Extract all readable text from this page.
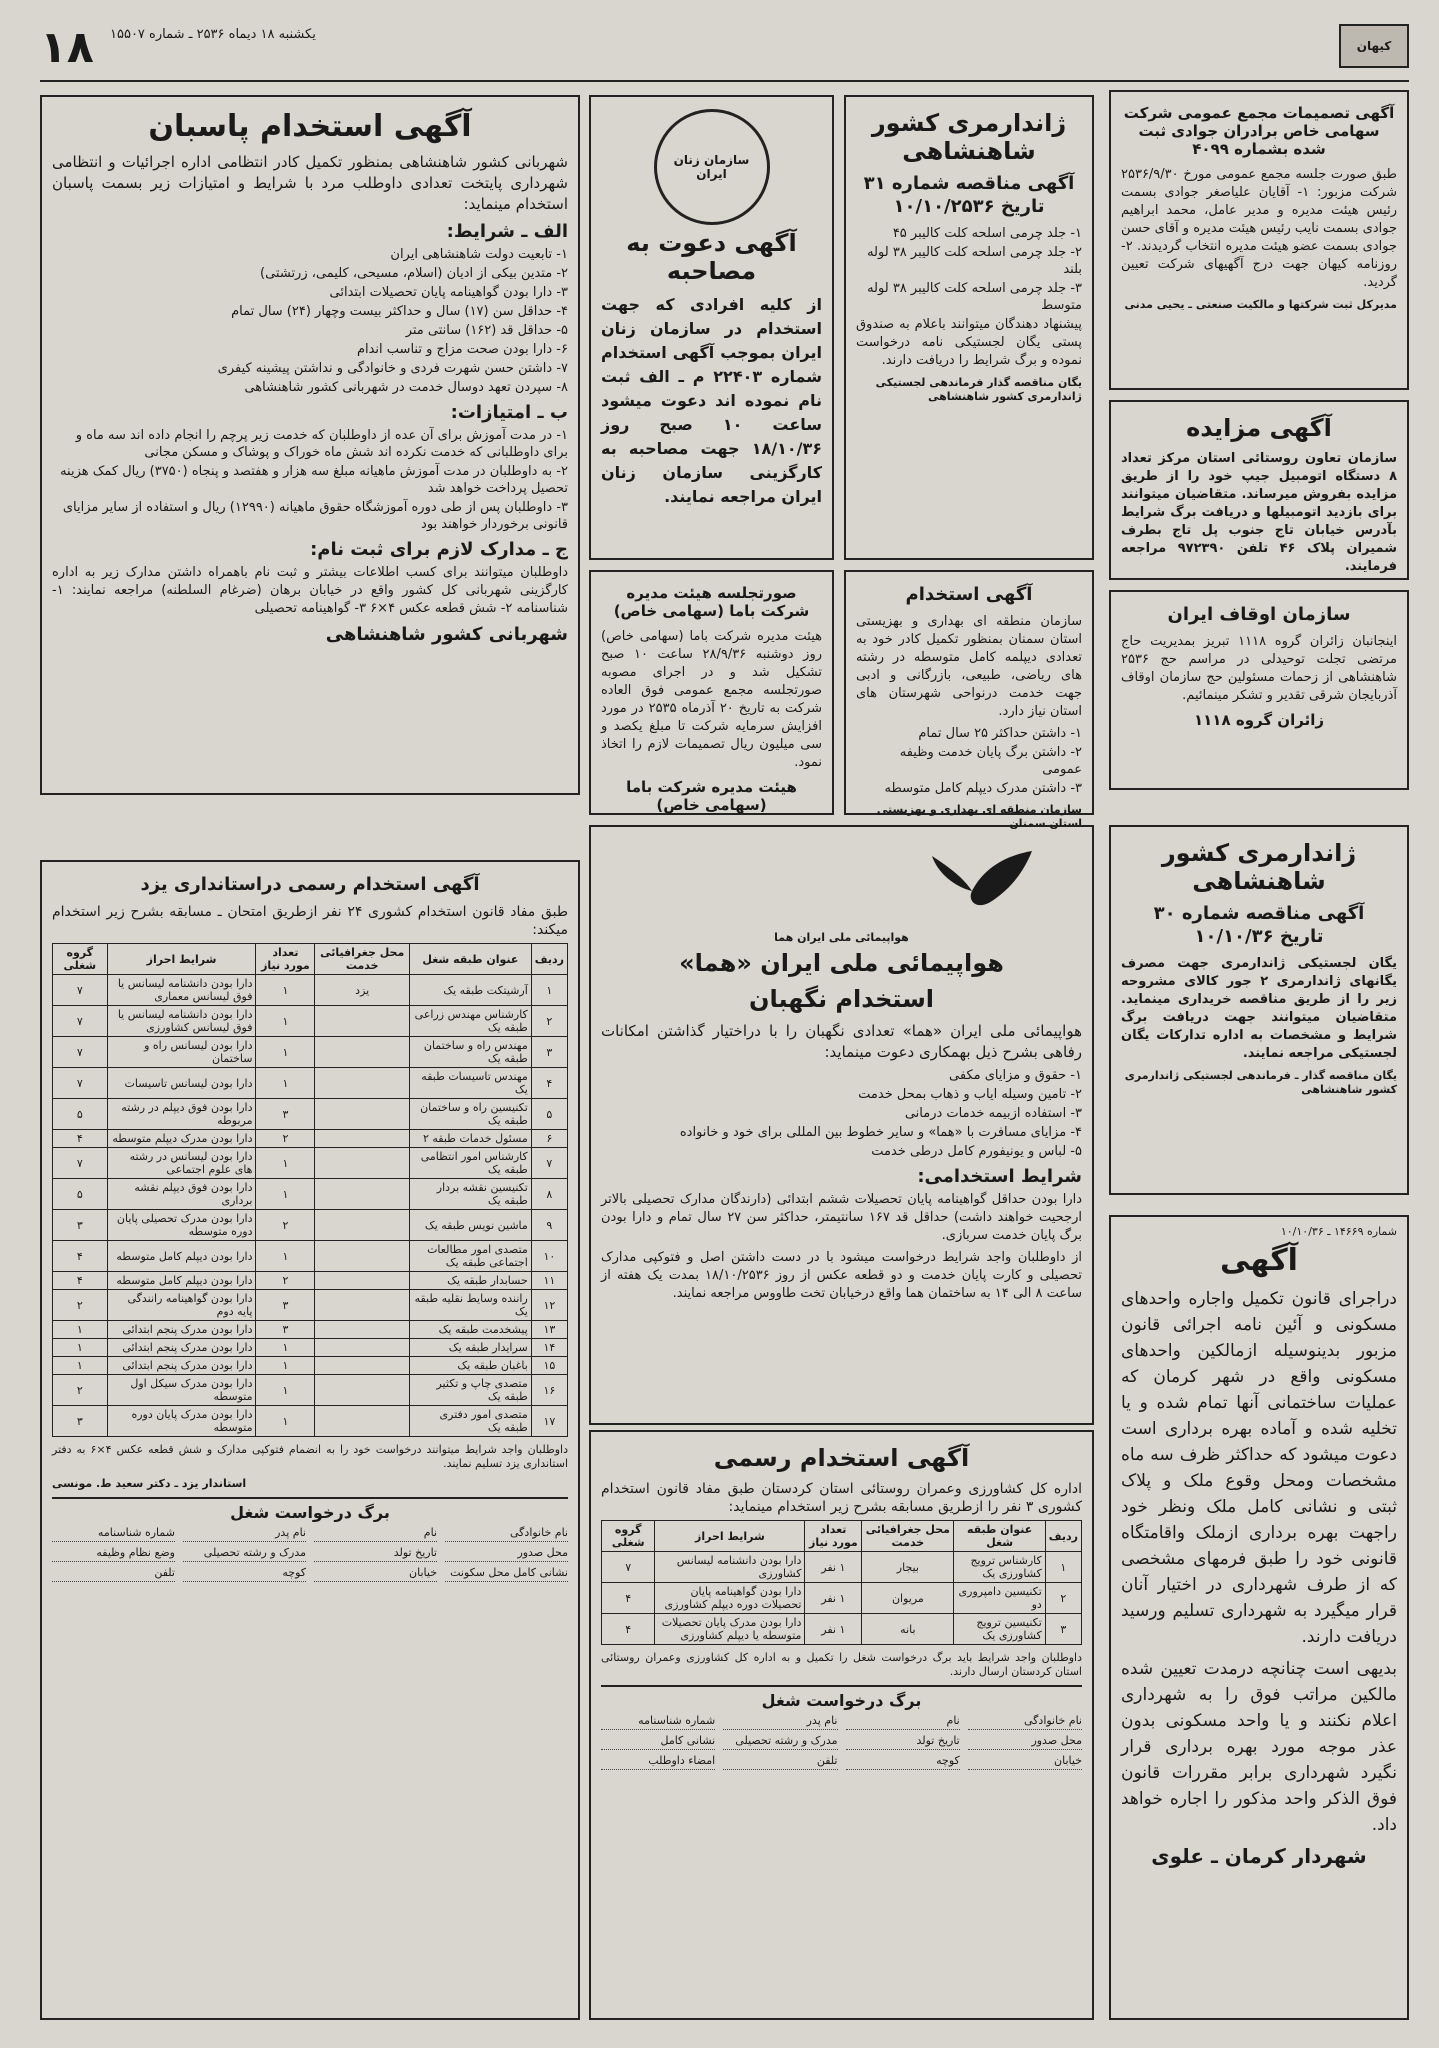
کیهان
۱۸ یکشنبه ۱۸ دیماه ۲۵۳۶ ـ شماره ۱۵۵۰۷
آگهی تصمیمات مجمع عمومی شرکت سهامی خاص برادران جوادی ثبت شده بشماره ۴۰۹۹

طبق صورت جلسه مجمع عمومی مورخ ۲۵۳۶/۹/۳۰ شرکت مزبور: ۱- آقایان علیاصغر جوادی بسمت رئیس هیئت مدیره و مدیر عامل، محمد ابراهیم جوادی بسمت نایب رئیس هیئت مدیره و آقای حسن جوادی بسمت عضو هیئت مدیره انتخاب گردیدند. ۲- روزنامه کیهان جهت درج آگهیهای شرکت تعیین گردید.

مدیرکل ثبت شرکتها و مالکیت صنعتی ـ یحیی مدنی
آگهی مزایده

سازمان تعاون روستائی استان مرکز تعداد ۸ دستگاه اتومبیل جیپ خود را از طریق مزایده بفروش میرساند. متقاضیان میتوانند برای بازدید اتومبیلها و دریافت برگ شرایط بآدرس خیابان تاج جنوب پل تاج بطرف شمیران پلاک ۴۶ تلفن ۹۷۲۳۹۰ مراجعه فرمایند.

سازمان اوقاف ایران

اینجانبان زائران گروه ۱۱۱۸ تبریز بمدیریت حاج مرتضی تجلت توحیدلی در مراسم حج ۲۵۳۶ شاهنشاهی از زحمات مسئولین حج سازمان اوقاف آذربایجان شرقی تقدیر و تشکر مینمائیم.

زائران گروه ۱۱۱۸
ژاندارمری کشور شاهنشاهی
آگهی مناقصه شماره ۳۰
تاریخ ۱۰/۱۰/۳۶

یگان لجستیکی ژاندارمری جهت مصرف یگانهای ژاندارمری ۲ جور کالای مشروحه زیر را از طریق مناقصه خریداری مینماید. متقاضیان میتوانند جهت دریافت برگ شرایط و مشخصات به اداره تدارکات یگان لجستیکی مراجعه نمایند.

یگان مناقصه گذار ـ فرماندهی لجستیکی ژاندارمری کشور شاهنشاهی
شماره ۱۴۶۶۹ ـ ۱۰/۱۰/۳۶
آگهی

دراجرای قانون تکمیل واجاره واحدهای مسکونی و آئین نامه اجرائی قانون مزبور بدینوسیله ازمالکین واحدهای مسکونی واقع در شهر کرمان که عملیات ساختمانی آنها تمام شده و یا تخلیه شده و آماده بهره برداری است دعوت میشود که حداکثر ظرف سه ماه مشخصات ومحل وقوع ملک و پلاک ثبتی و نشانی کامل ملک ونظر خود راجهت بهره برداری ازملک واقامتگاه قانونی خود را طبق فرمهای مشخصی که از طرف شهرداری در اختیار آنان قرار میگیرد به شهرداری تسلیم ورسید دریافت دارند.

بدیهی است چنانچه درمدت تعیین شده مالکین مراتب فوق را به شهرداری اعلام نکنند و یا واحد مسکونی بدون عذر موجه مورد بهره برداری قرار نگیرد شهرداری برابر مقررات قانون فوق الذکر واحد مذکور را اجاره خواهد داد.

شهردار کرمان ـ علوی
ژاندارمری کشور شاهنشاهی
آگهی مناقصه شماره ۳۱
تاریخ ۱۰/۱۰/۲۵۳۶
۱- جلد چرمی اسلحه کلت کالیبر ۴۵
۲- جلد چرمی اسلحه کلت کالیبر ۳۸ لوله بلند
۳- جلد چرمی اسلحه کلت کالیبر ۳۸ لوله متوسط

پیشنهاد دهندگان میتوانند باعلام به صندوق پستی یگان لجستیکی نامه درخواست نموده و برگ شرایط را دریافت دارند.

یگان مناقصه گذار فرماندهی لجستیکی ژاندارمری کشور شاهنشاهی
آگهی استخدام

سازمان منطقه ای بهداری و بهزیستی استان سمنان بمنظور تکمیل کادر خود به تعدادی دیپلمه کامل متوسطه در رشته های ریاضی، طبیعی، بازرگانی و ادبی جهت خدمت درنواحی شهرستان های استان نیاز دارد.

۱- داشتن حداکثر ۲۵ سال تمام
۲- داشتن برگ پایان خدمت وظیفه عمومی
۳- داشتن مدرک دیپلم کامل متوسطه
سازمان منطقه ای بهداری و بهزیستی استان سمنان
سازمان زنان ایران
آگهی دعوت به مصاحبه

از کلیه افرادی که جهت استخدام در سازمان زنان ایران بموجب آگهی استخدام شماره ۲۲۴۰۳ م ـ الف ثبت نام نموده اند دعوت میشود ساعت ۱۰ صبح روز ۱۸/۱۰/۳۶ جهت مصاحبه به کارگزینی سازمان زنان ایران مراجعه نمایند.

صورتجلسه هیئت مدیره شرکت باما (سهامی خاص)

هیئت مدیره شرکت باما (سهامی خاص) روز دوشنبه ۲۸/۹/۳۶ ساعت ۱۰ صبح تشکیل شد و در اجرای مصوبه صورتجلسه مجمع عمومی فوق العاده شرکت به تاریخ ۲۰ آذرماه ۲۵۳۵ در مورد افزایش سرمایه شرکت تا مبلغ یکصد و سی میلیون ریال تصمیمات لازم را اتخاذ نمود.

هیئت مدیره شرکت باما (سهامی خاص)
آگهی استخدام پاسبان

شهربانی کشور شاهنشاهی بمنظور تکمیل کادر انتظامی اداره اجرائیات و انتظامی شهرداری پایتخت تعدادی داوطلب مرد با شرایط و امتیازات زیر بسمت پاسبان استخدام مینماید:

الف ـ شرایط:
۱- تابعیت دولت شاهنشاهی ایران
۲- متدین بیکی از ادیان (اسلام، مسیحی، کلیمی، زرتشتی)
۳- دارا بودن گواهینامه پایان تحصیلات ابتدائی
۴- حداقل سن (۱۷) سال و حداکثر بیست وچهار (۲۴) سال تمام
۵- حداقل قد (۱۶۲) سانتی متر
۶- دارا بودن صحت مزاج و تناسب اندام
۷- داشتن حسن شهرت فردی و خانوادگی و نداشتن پیشینه کیفری
۸- سپردن تعهد دوسال خدمت در شهربانی کشور شاهنشاهی
ب ـ امتیازات:
۱- در مدت آموزش برای آن عده از داوطلبان که خدمت زیر پرچم را انجام داده اند سه ماه و برای داوطلبانی که خدمت نکرده اند شش ماه خوراک و پوشاک و مسکن مجانی
۲- به داوطلبان در مدت آموزش ماهیانه مبلغ سه هزار و هفتصد و پنجاه (۳۷۵۰) ریال کمک هزینه تحصیل پرداخت خواهد شد
۳- داوطلبان پس از طی دوره آموزشگاه حقوق ماهیانه (۱۲۹۹۰) ریال و استفاده از سایر مزایای قانونی برخوردار خواهند بود
ج ـ مدارک لازم برای ثبت نام:

داوطلبان میتوانند برای کسب اطلاعات بیشتر و ثبت نام باهمراه داشتن مدارک زیر به اداره کارگزینی شهربانی کل کشور واقع در خیابان برهان (ضرغام السلطنه) مراجعه نمایند: ۱- شناسنامه ۲- شش قطعه عکس ۴×۶ ۳- گواهینامه تحصیلی

شهربانی کشور شاهنشاهی
آگهی استخدام رسمی دراستانداری یزد

طبق مفاد قانون استخدام کشوری ۲۴ نفر ازطریق امتحان ـ مسابقه بشرح زیر استخدام میکند:

ردیف	عنوان طبقه شغل	محل جغرافیائی خدمت	تعداد مورد نیاز	شرایط احراز	گروه شغلی
۱	آرشیتکت طبقه یک	یزد	۱	دارا بودن دانشنامه لیسانس یا فوق لیسانس معماری	۷
۲	کارشناس مهندس زراعی طبقه یک		۱	دارا بودن دانشنامه لیسانس یا فوق لیسانس کشاورزی	۷
۳	مهندس راه و ساختمان طبقه یک		۱	دارا بودن لیسانس راه و ساختمان	۷
۴	مهندس تاسیسات طبقه یک		۱	دارا بودن لیسانس تاسیسات	۷
۵	تکنیسین راه و ساختمان طبقه یک		۳	دارا بودن فوق دیپلم در رشته مربوطه	۵
۶	مسئول خدمات طبقه ۲		۲	دارا بودن مدرک دیپلم متوسطه	۴
۷	کارشناس امور انتظامی طبقه یک		۱	دارا بودن لیسانس در رشته های علوم اجتماعی	۷
۸	تکنیسین نقشه بردار طبقه یک		۱	دارا بودن فوق دیپلم نقشه برداری	۵
۹	ماشین نویس طبقه یک		۲	دارا بودن مدرک تحصیلی پایان دوره متوسطه	۳
۱۰	متصدی امور مطالعات اجتماعی طبقه یک		۱	دارا بودن دیپلم کامل متوسطه	۴
۱۱	حسابدار طبقه یک		۲	دارا بودن دیپلم کامل متوسطه	۴
۱۲	راننده وسایط نقلیه طبقه یک		۳	دارا بودن گواهینامه رانندگی پایه دوم	۲
۱۳	پیشخدمت طبقه یک		۳	دارا بودن مدرک پنجم ابتدائی	۱
۱۴	سرایدار طبقه یک		۱	دارا بودن مدرک پنجم ابتدائی	۱
۱۵	باغبان طبقه یک		۱	دارا بودن مدرک پنجم ابتدائی	۱
۱۶	متصدی چاپ و تکثیر طبقه یک		۱	دارا بودن مدرک سیکل اول متوسطه	۲
۱۷	متصدی امور دفتری طبقه یک		۱	دارا بودن مدرک پایان دوره متوسطه	۳

داوطلبان واجد شرایط میتوانند درخواست خود را به انضمام فتوکپی مدارک و شش قطعه عکس ۴×۶ به دفتر استانداری یزد تسلیم نمایند.

استاندار یزد ـ دکتر سعید ط. مونسی
برگ درخواست شغل
نام خانوادگی
نام
نام پدر
شماره شناسنامه
محل صدور
تاریخ تولد
مدرک و رشته تحصیلی
وضع نظام وظیفه
نشانی کامل محل سکونت
خیابان
کوچه
تلفن
هواپیمائی ملی ایران هما
هواپیمائی ملی ایران «هما»
استخدام نگهبان

هواپیمائی ملی ایران «هما» تعدادی نگهبان را با دراختیار گذاشتن امکانات رفاهی بشرح ذیل بهمکاری دعوت مینماید:

۱- حقوق و مزایای مکفی
۲- تامین وسیله ایاب و ذهاب بمحل خدمت
۳- استفاده ازبیمه خدمات درمانی
۴- مزایای مسافرت با «هما» و سایر خطوط بین المللی برای خود و خانواده
۵- لباس و یونیفورم کامل درطی خدمت
شرایط استخدامی:

دارا بودن حداقل گواهینامه پایان تحصیلات ششم ابتدائی (دارندگان مدارک تحصیلی بالاتر ارجحیت خواهند داشت) حداقل قد ۱۶۷ سانتیمتر، حداکثر سن ۲۷ سال تمام و دارا بودن برگ پایان خدمت سربازی.

از داوطلبان واجد شرایط درخواست میشود با در دست داشتن اصل و فتوکپی مدارک تحصیلی و کارت پایان خدمت و دو قطعه عکس از روز ۱۸/۱۰/۲۵۳۶ بمدت یک هفته از ساعت ۸ الی ۱۴ به ساختمان هما واقع درخیابان تخت طاووس مراجعه نمایند.

آگهی استخدام رسمی

اداره کل کشاورزی وعمران روستائی استان کردستان طبق مفاد قانون استخدام کشوری ۳ نفر را ازطریق مسابقه بشرح زیر استخدام مینماید:

ردیف	عنوان طبقه شغل	محل جغرافیائی خدمت	تعداد مورد نیاز	شرایط احراز	گروه شغلی
۱	کارشناس ترویج کشاورزی یک	بیجار	۱ نفر	دارا بودن دانشنامه لیسانس کشاورزی	۷
۲	تکنیسین دامپروری دو	مریوان	۱ نفر	دارا بودن گواهینامه پایان تحصیلات دوره دیپلم کشاورزی	۴
۳	تکنیسین ترویج کشاورزی یک	بانه	۱ نفر	دارا بودن مدرک پایان تحصیلات متوسطه یا دیپلم کشاورزی	۴

داوطلبان واجد شرایط باید برگ درخواست شغل را تکمیل و به اداره کل کشاورزی وعمران روستائی استان کردستان ارسال دارند.

برگ درخواست شغل
نام خانوادگی
نام
نام پدر
شماره شناسنامه
محل صدور
تاریخ تولد
مدرک و رشته تحصیلی
نشانی کامل
خیابان
کوچه
تلفن
امضاء داوطلب
